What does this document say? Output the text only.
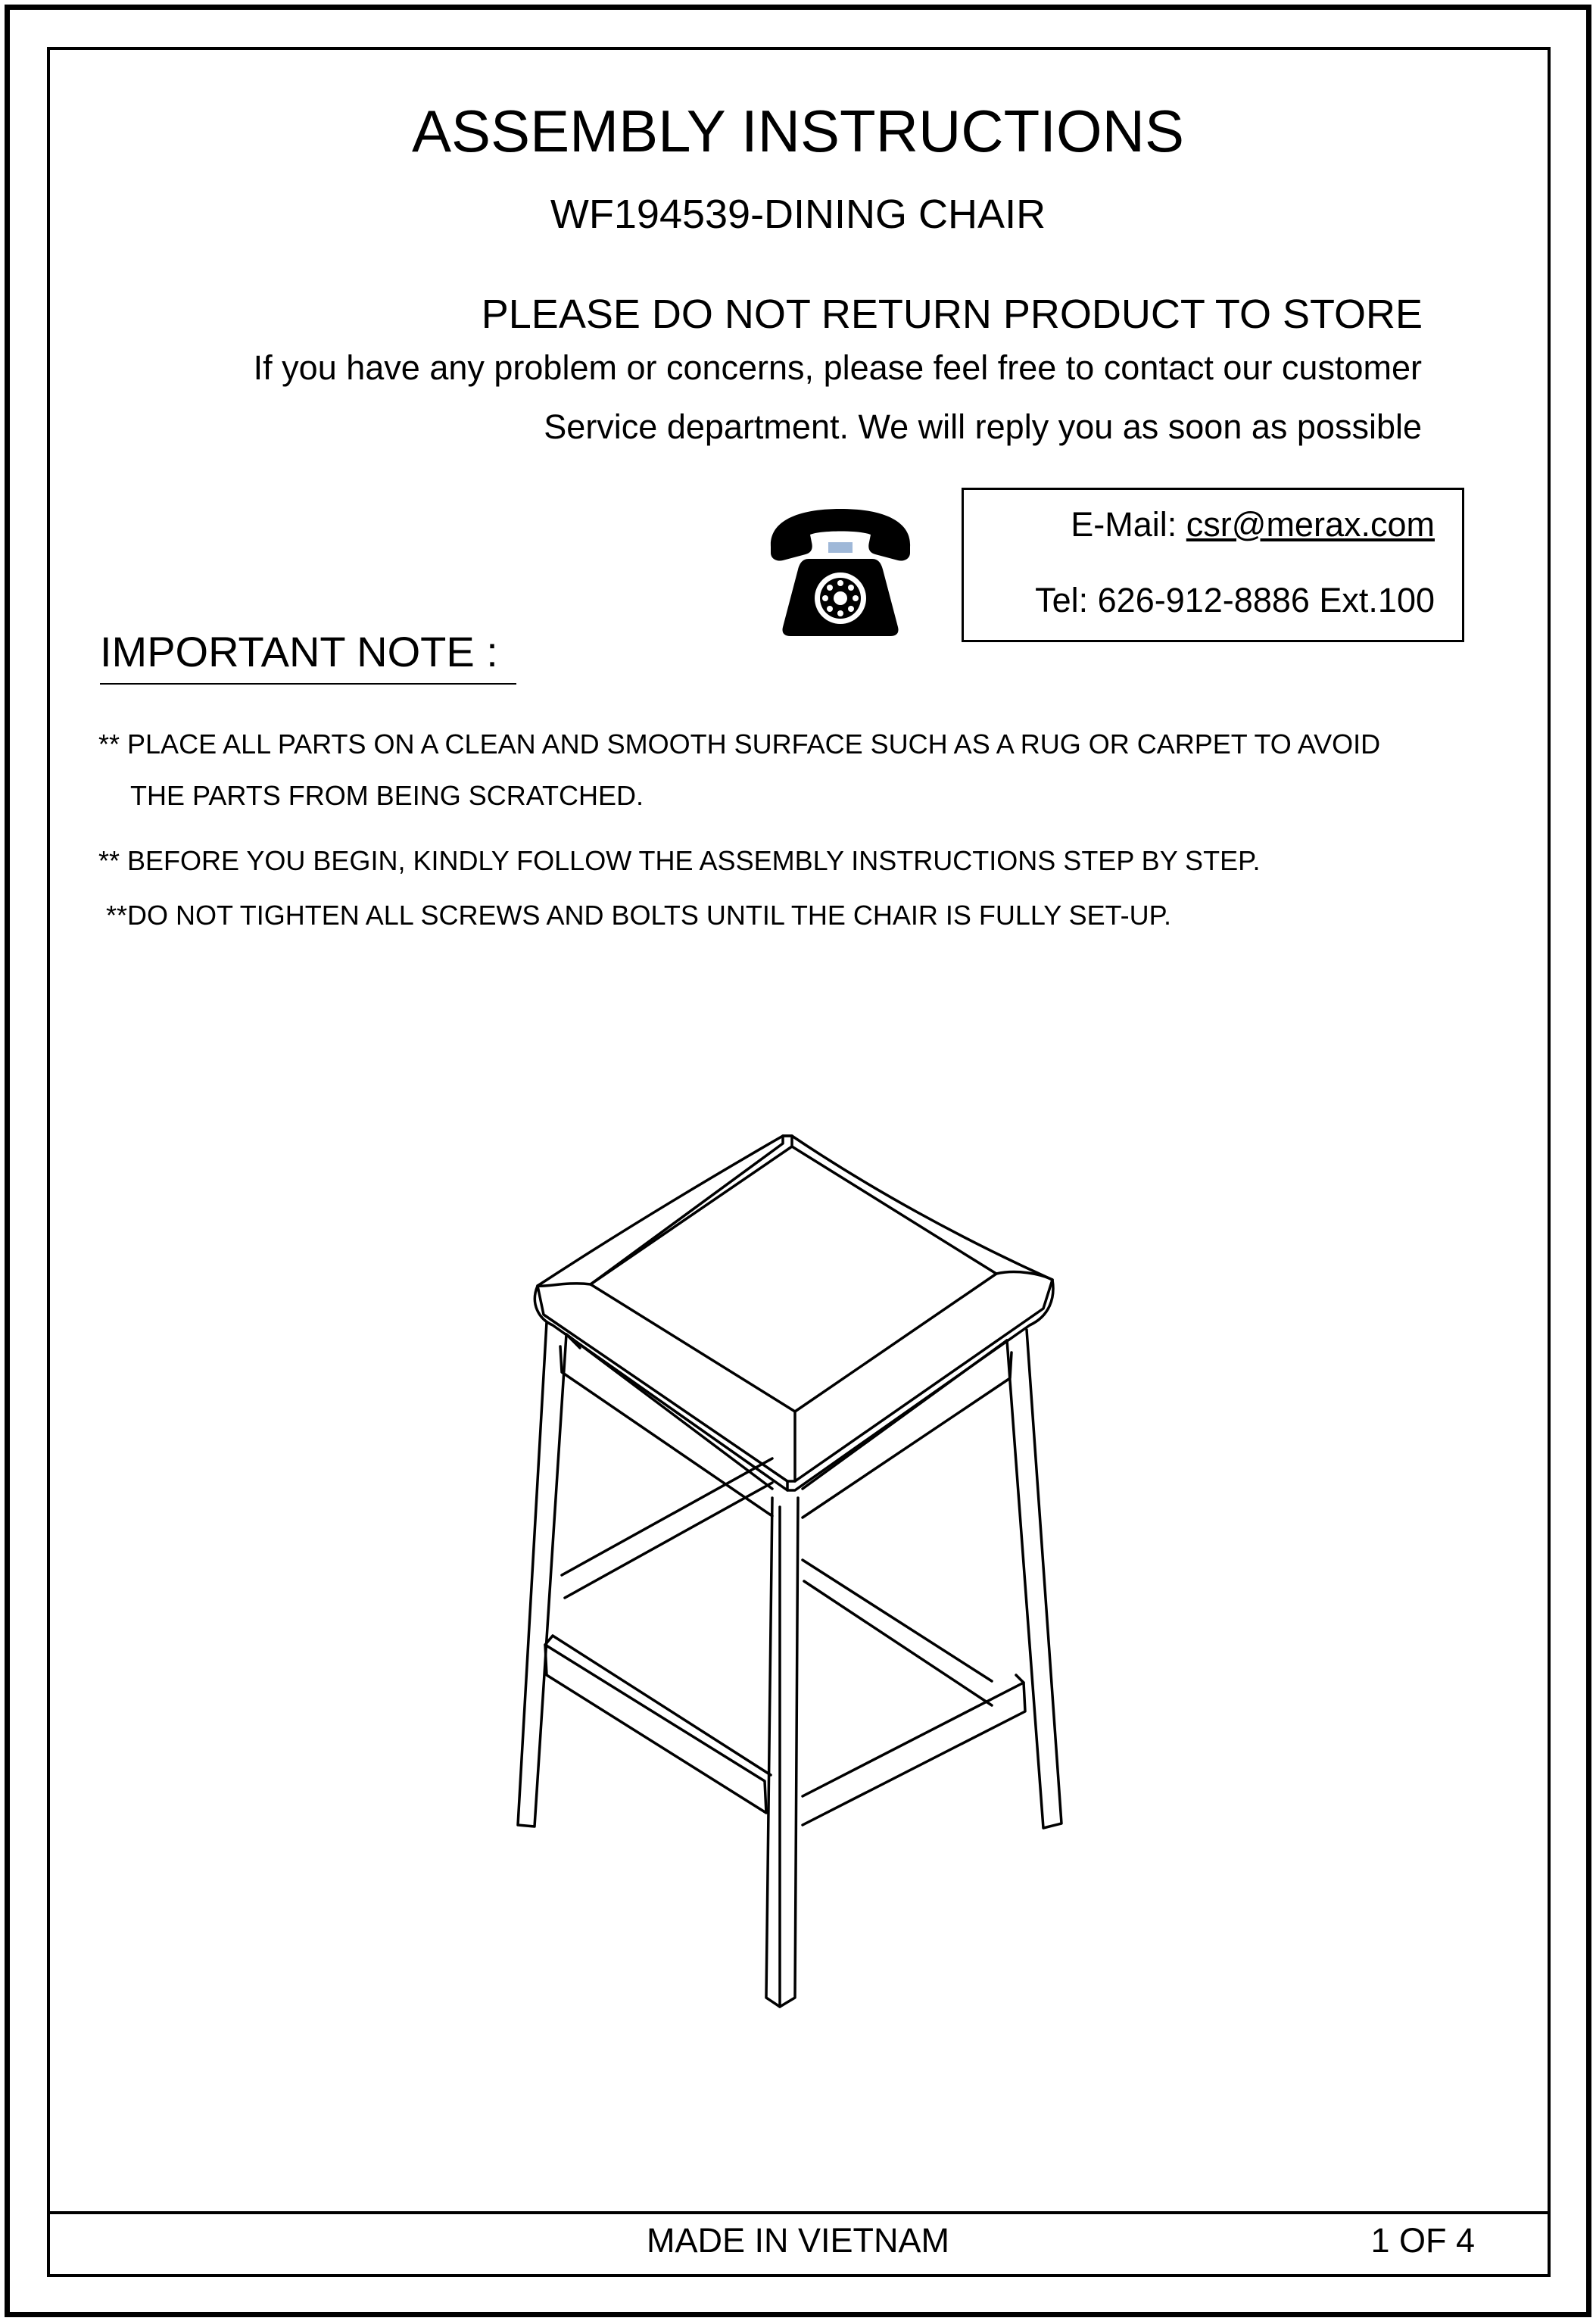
ASSEMBLY INSTRUCTIONS
WF194539-DINING CHAIR
PLEASE DO NOT RETURN PRODUCT TO STORE
If you have any problem or concerns, please feel free to contact our customer
Service department. We will reply you as soon as possible
E-Mail: csr@merax.com
Tel: 626-912-8886 Ext.100
IMPORTANT NOTE :
** PLACE ALL PARTS ON A CLEAN AND SMOOTH SURFACE SUCH AS A RUG OR CARPET TO AVOID
THE PARTS FROM BEING SCRATCHED.
** BEFORE YOU BEGIN, KINDLY FOLLOW THE ASSEMBLY INSTRUCTIONS STEP BY STEP.
**DO NOT TIGHTEN ALL SCREWS AND BOLTS UNTIL THE CHAIR IS FULLY SET-UP.
MADE IN VIETNAM	1 OF 4
